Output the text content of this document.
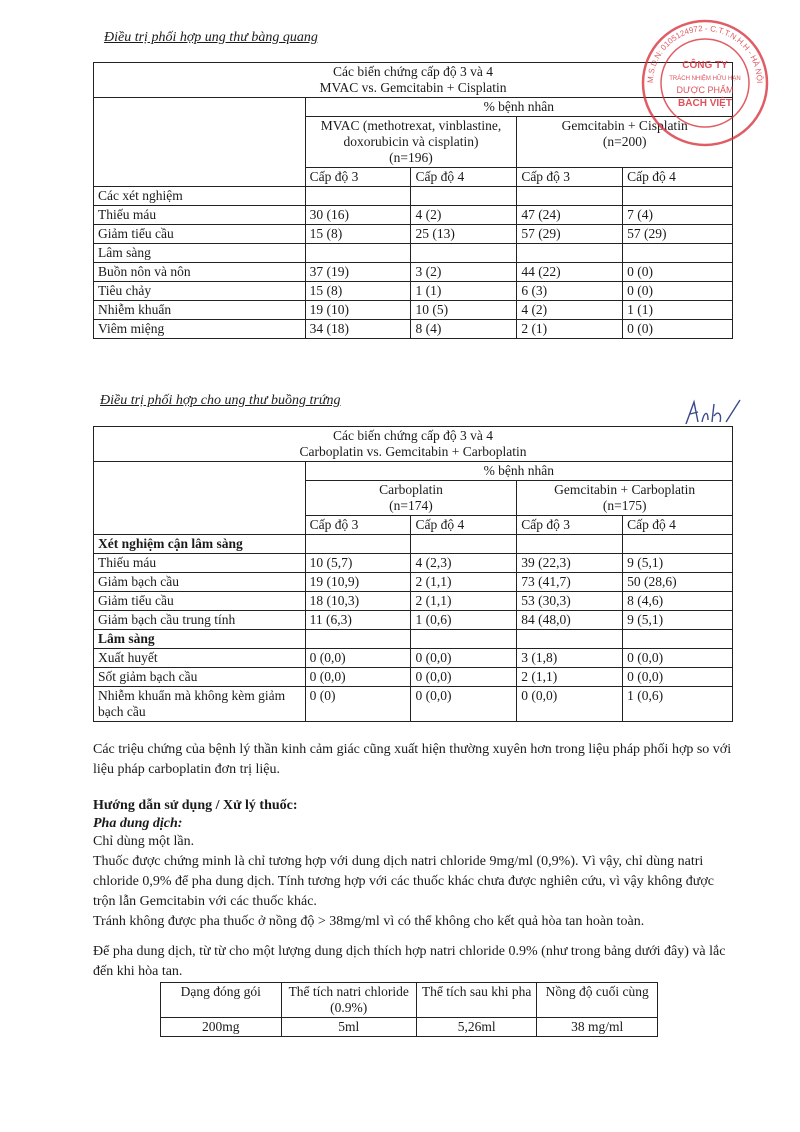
Điều trị phối hợp ung thư bàng quang
Các biến chứng cấp độ 3 và 4
MVAC vs. Gemcitabin + Cisplatin				
	% bệnh nhân			
	MVAC (methotrexat, vinblastine, doxorubicin và cisplatin)
(n=196)		Gemcitabin + Cisplatin
(n=200)	
	Cấp độ 3	Cấp độ 4	Cấp độ 3	Cấp độ 4
Các xét nghiệm				
Thiếu máu	30 (16)	4 (2)	47 (24)	7 (4)
Giảm tiểu cầu	15 (8)	25 (13)	57 (29)	57 (29)
Lâm sàng				
Buồn nôn và nôn	37 (19)	3 (2)	44 (22)	0 (0)
Tiêu chảy	15 (8)	1 (1)	6 (3)	0 (0)
Nhiễm khuẩn	19 (10)	10 (5)	4 (2)	1 (1)
Viêm miệng	34 (18)	8 (4)	2 (1)	0 (0)
Điều trị phối hợp cho ung thư buồng trứng
Các biến chứng cấp độ 3 và 4
Carboplatin vs. Gemcitabin + Carboplatin				
	% bệnh nhân			
	Carboplatin
(n=174)		Gemcitabin + Carboplatin
(n=175)	
	Cấp độ 3	Cấp độ 4	Cấp độ 3	Cấp độ 4
Xét nghiệm cận lâm sàng				
Thiếu máu	10 (5,7)	4 (2,3)	39 (22,3)	9 (5,1)
Giảm bạch cầu	19 (10,9)	2 (1,1)	73 (41,7)	50 (28,6)
Giảm tiểu cầu	18 (10,3)	2 (1,1)	53 (30,3)	8 (4,6)
Giảm bạch cầu trung tính	11 (6,3)	1 (0,6)	84 (48,0)	9 (5,1)
Lâm sàng				
Xuất huyết	0 (0,0)	0 (0,0)	3 (1,8)	0 (0,0)
Sốt giảm bạch cầu	0 (0,0)	0 (0,0)	2 (1,1)	0 (0,0)
Nhiễm khuẩn mà không kèm giảm bạch cầu	0 (0)	0 (0,0)	0 (0,0)	1 (0,6)
Các triệu chứng của bệnh lý thần kinh cảm giác cũng xuất hiện thường xuyên hơn trong liệu pháp phối hợp so với liệu pháp carboplatin đơn trị liệu.
Hướng dẫn sử dụng / Xử lý thuốc:
Pha dung dịch:
Chỉ dùng một lần.
Thuốc được chứng minh là chỉ tương hợp với dung dịch natri chloride 9mg/ml (0,9%). Vì vậy, chỉ dùng natri chloride 0,9% để pha dung dịch. Tính tương hợp với các thuốc khác chưa được nghiên cứu, vì vậy không được trộn lẫn Gemcitabin với các thuốc khác.
Tránh không được pha thuốc ở nồng độ > 38mg/ml vì có thể không cho kết quả hòa tan hoàn toàn.
Để pha dung dịch, từ từ cho một lượng dung dịch thích hợp natri chloride 0.9% (như trong bảng dưới đây) và lắc đến khi hòa tan.
Dạng đóng gói	Thể tích natri chloride (0.9%)	Thể tích sau khi pha	Nồng độ cuối cùng
200mg	5ml	5,26ml	38 mg/ml
M.S.D.N: 0105124972 - C.T.T.N.H.H - HÀ NỘI
CÔNG TY
TRÁCH NHIỆM HỮU HẠN
DƯỢC PHẨM
BÁCH VIỆT
